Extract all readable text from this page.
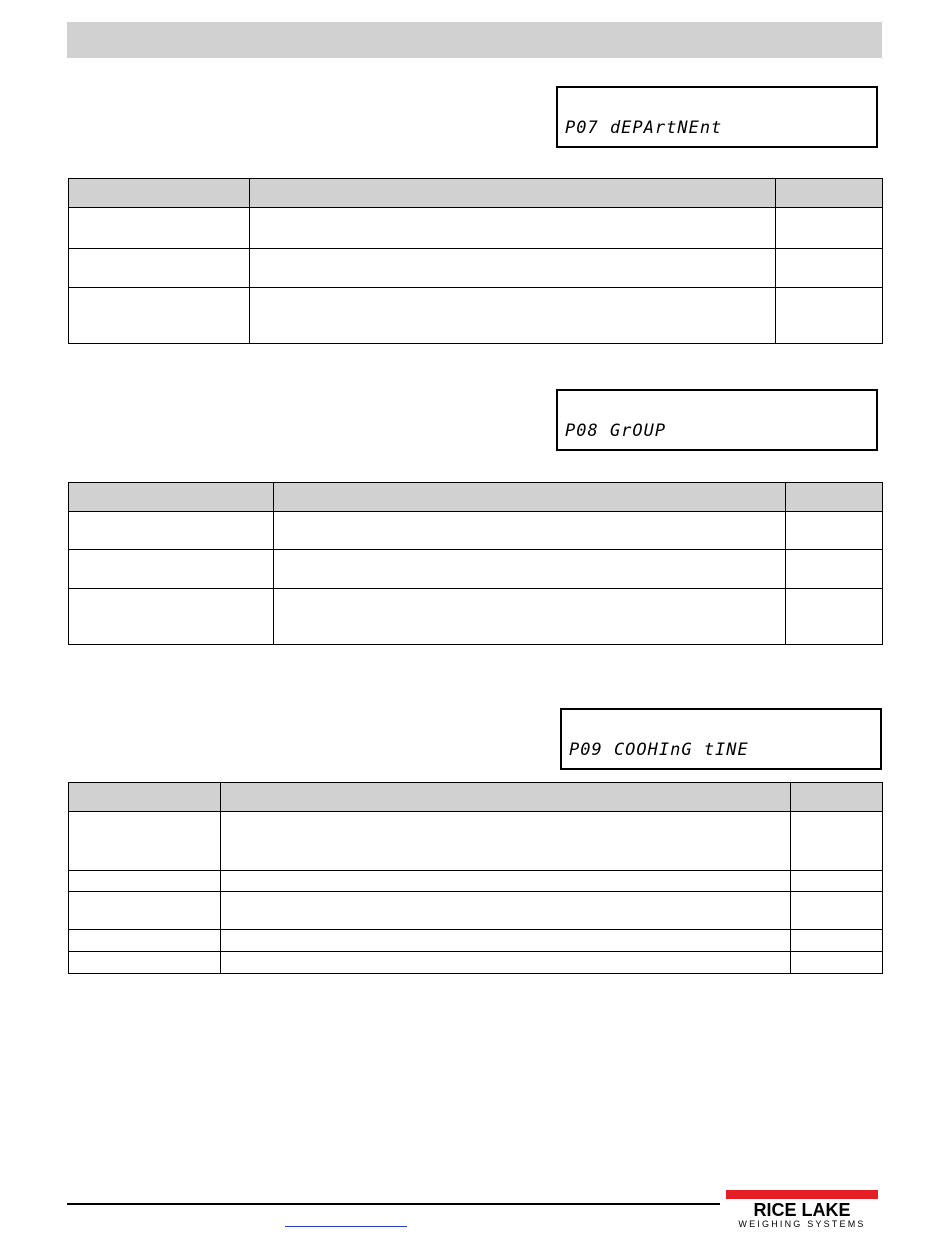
P07 dEPArtNEnt

P08 GrOUP

P09 COOHInG tINE

RICE LAKE
WEIGHING SYSTEMS
